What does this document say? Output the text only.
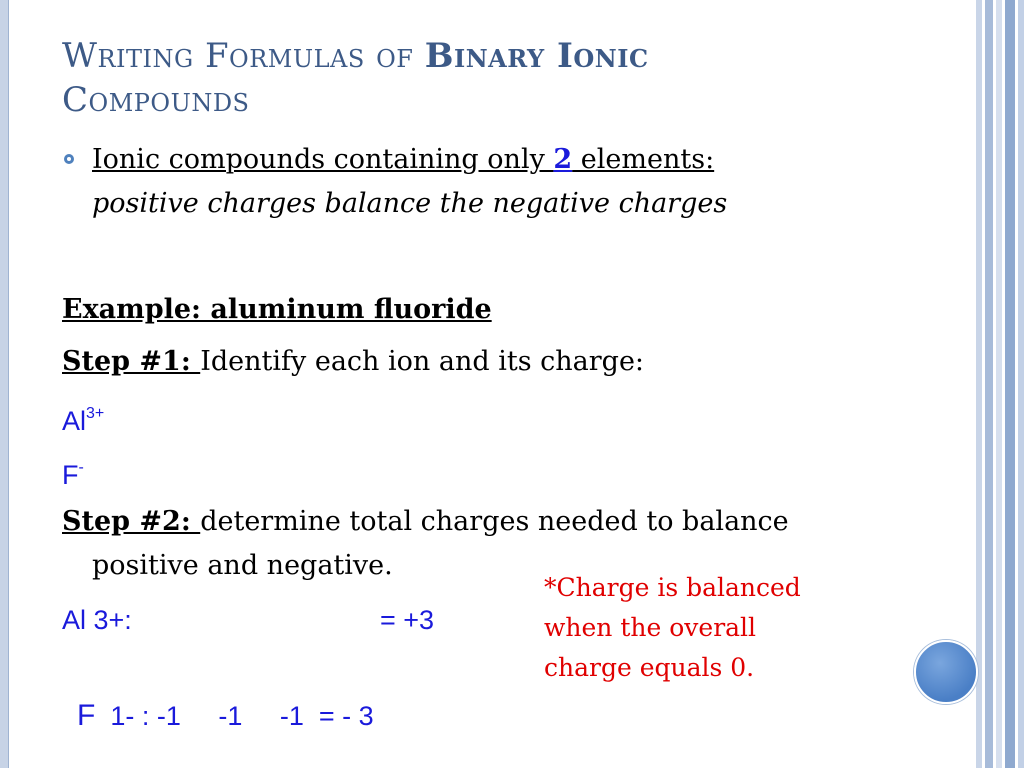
Writing Formulas of Binary Ionic
Compounds
Ionic compounds containing only 2 elements:
positive charges balance the negative charges
Example: aluminum fluoride
Step #1: Identify each ion and its charge:
$Al^{3+}$
F-
Step #2: determine total charges needed to balance
positive and negative.
Al 3+:	= +3

F 1- : -1     -1     -1  = - 3

*Charge is balanced
when the overall
charge equals 0.
